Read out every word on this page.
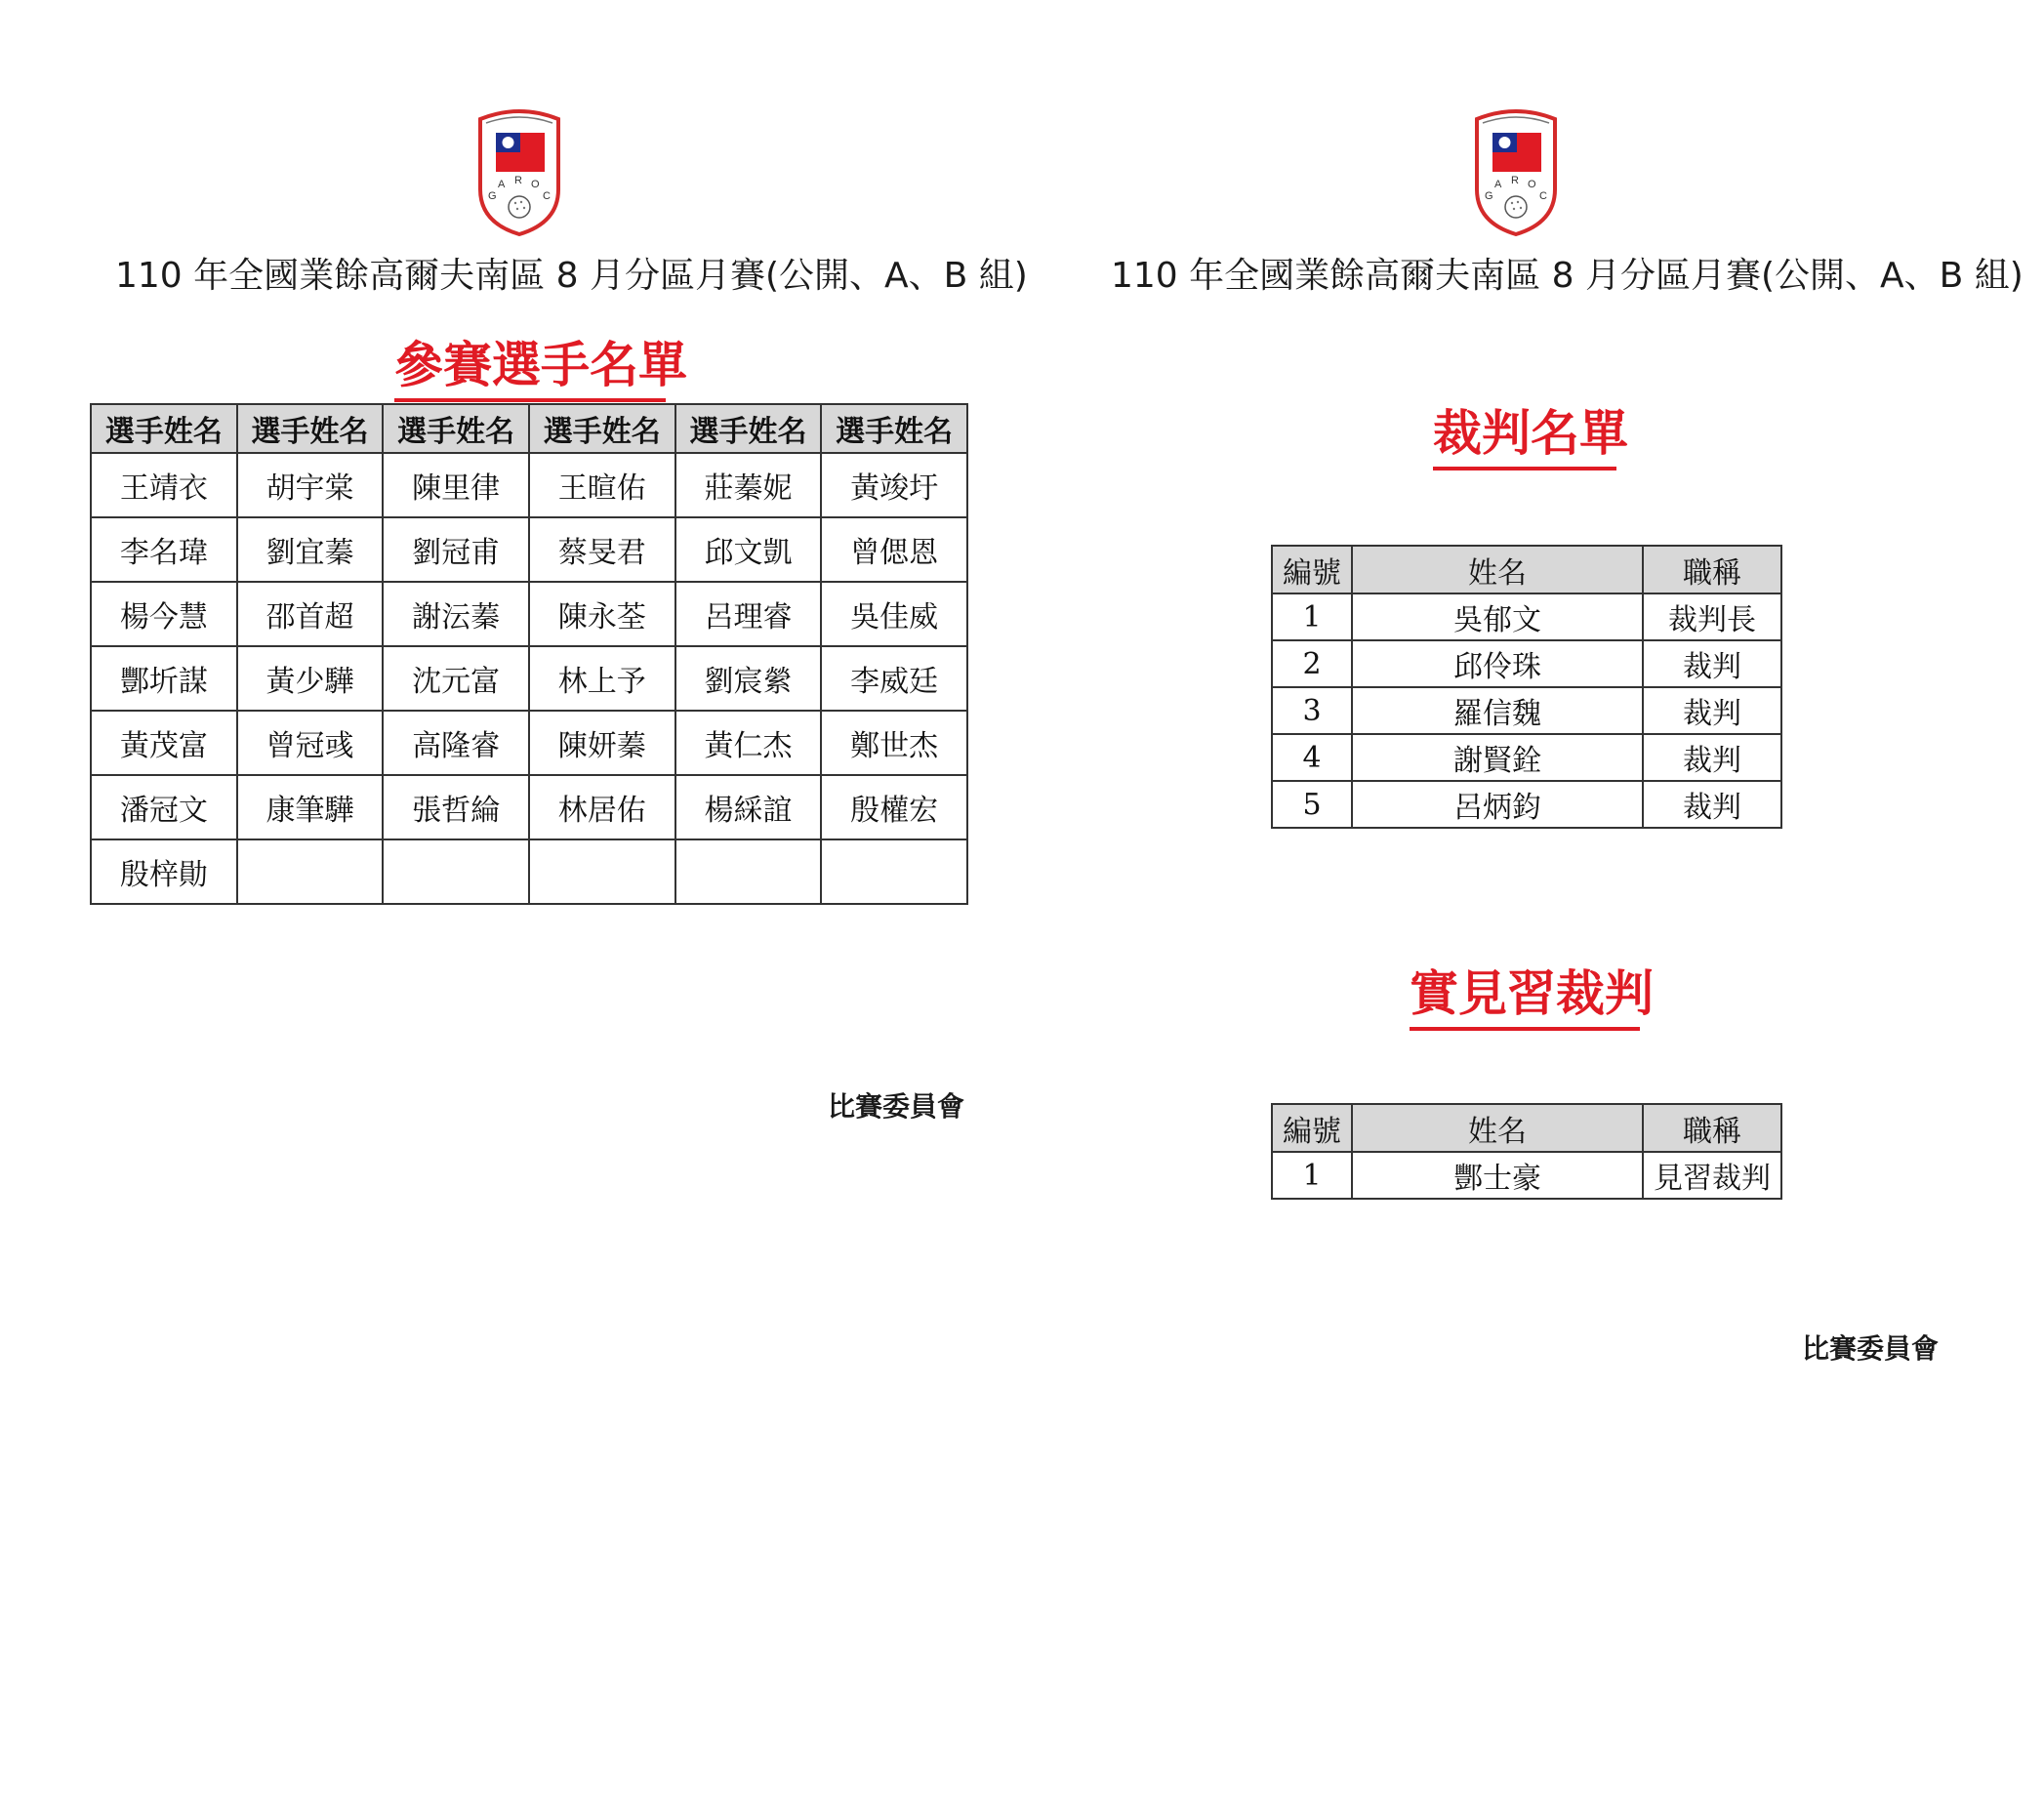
G
A R O
C
110 年全國業餘高爾夫南區 8 月分區月賽(公開、A、B 組)
參賽選手名單
選手姓名	選手姓名	選手姓名	選手姓名	選手姓名	選手姓名
王靖衣	胡宇棠	陳里律	王暄佑	莊蓁妮	黃竣圩
李名瑋	劉宜蓁	劉冠甫	蔡旻君	邱文凱	曾偲恩
楊今慧	邵首超	謝沄蓁	陳永荃	呂理睿	吳佳威
酆圻謀	黃少驊	沈元富	林上予	劉宸縈	李威廷
黃茂富	曾冠彧	高隆睿	陳妍蓁	黃仁杰	鄭世杰
潘冠文	康筆驊	張哲綸	林居佑	楊綵誼	殷權宏
殷梓勛					
比賽委員會
G
A R O
C
110 年全國業餘高爾夫南區 8 月分區月賽(公開、A、B 組)
裁判名單
編號	姓名	職稱
1	吳郁文	裁判長
2	邱伶珠	裁判
3	羅信魏	裁判
4	謝賢銓	裁判
5	呂炳鈞	裁判
實見習裁判
編號	姓名	職稱
1	酆士豪	見習裁判
比賽委員會
